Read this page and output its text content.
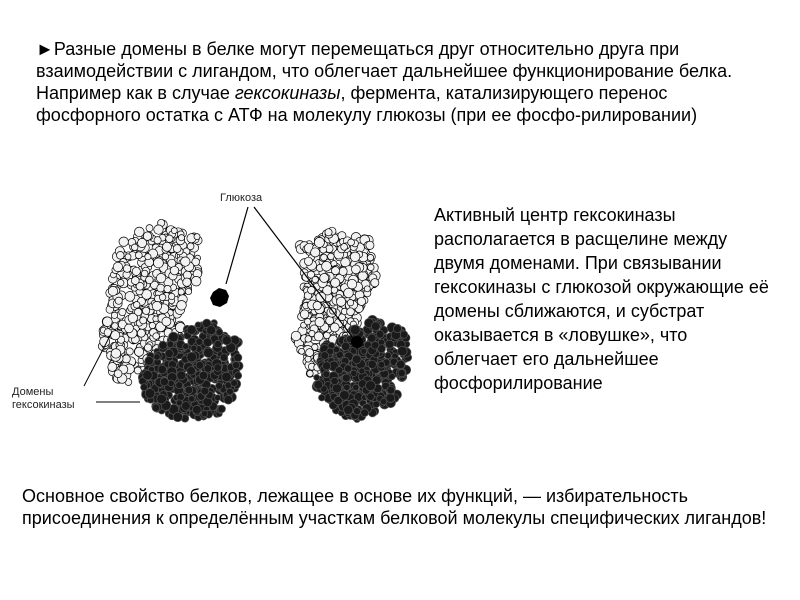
►Разные домены в белке могут перемещаться друг относительно друга при взаимодействии с лигандом, что облегчает дальнейшее функционирование белка. Например как в случае гексокиназы, фермента, катализирующего перенос фосфорного остатка с АТФ на молекулу глюкозы (при ее фосфо-рилировании)

Глюкоза
Домены
гексокиназы

Активный центр гексокиназы располагается в расщелине между двумя доменами. При связывании гексокиназы с глюкозой окружающие её домены сближаются, и субстрат оказывается в «ловушке», что облегчает его дальнейшее фосфорилирование

Основное свойство белков, лежащее в основе их функций, — избирательность присоединения к определённым участкам белковой молекулы специфических лигандов!
